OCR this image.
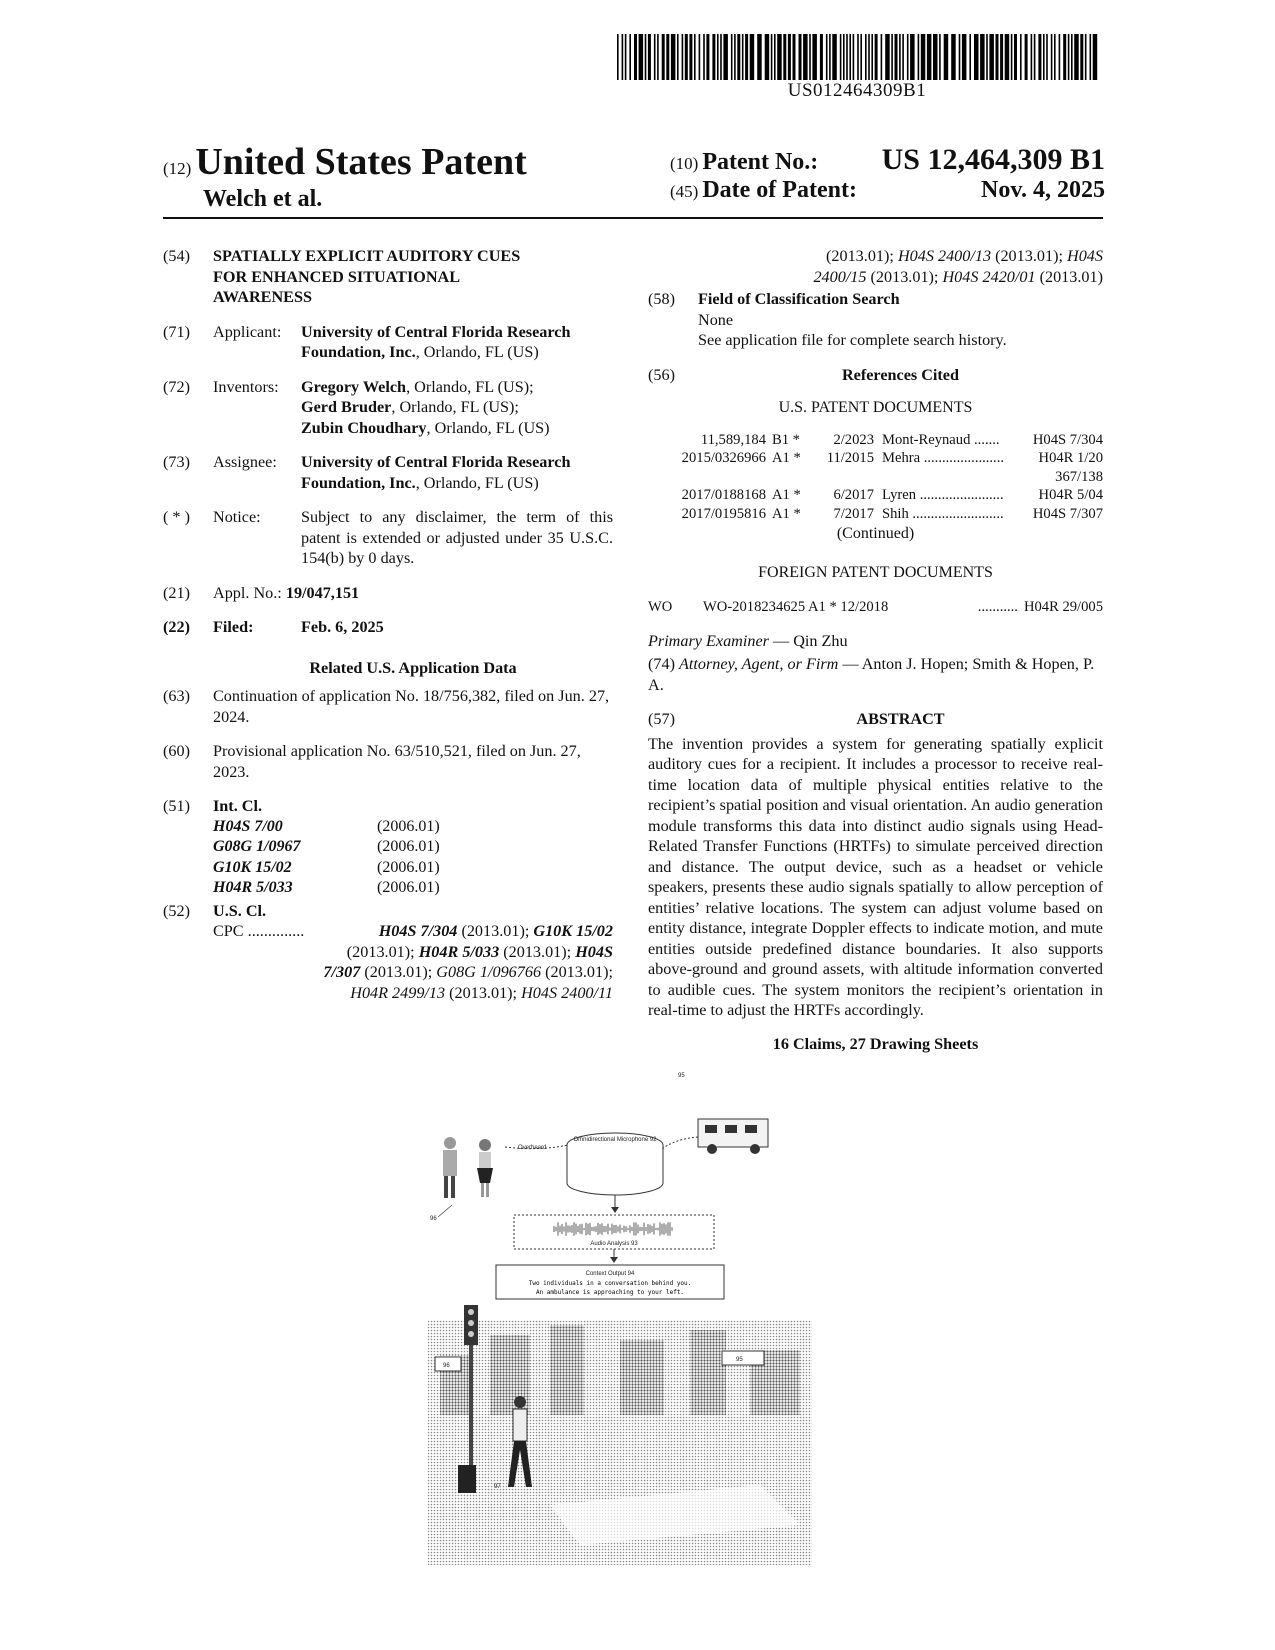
US012464309B1
(12) United States Patent
Welch et al.
(10) Patent No.: US 12,464,309 B1
(45) Date of Patent:	Nov. 4, 2025
(54)	SPATIALLY EXPLICIT AUDITORY CUES FOR ENHANCED SITUATIONAL AWARENESS
(71)	Applicant:	University of Central Florida Research Foundation, Inc., Orlando, FL (US)
(72)	Inventors:	Gregory Welch, Orlando, FL (US);
Gerd Bruder, Orlando, FL (US);
Zubin Choudhary, Orlando, FL (US)
(73)	Assignee:	University of Central Florida Research Foundation, Inc., Orlando, FL (US)
( * )	Notice:	Subject to any disclaimer, the term of this patent is extended or adjusted under 35 U.S.C. 154(b) by 0 days.
(21)	Appl. No.:
19/047,151
(22)	Filed:	Feb. 6, 2025
Related U.S. Application Data
(63)	Continuation of application No. 18/756,382, filed on Jun. 27, 2024.
(60)	Provisional application No. 63/510,521, filed on Jun. 27, 2023.
(51)	Int. Cl.
H04S 7/00	(2006.01)
G08G 1/0967	(2006.01)
G10K 15/02	(2006.01)
H04R 5/033	(2006.01)
(52)	U.S. Cl.

CPC ..............	H04S 7/304 (2013.01); G10K 15/02
(2013.01); H04R 5/033 (2013.01); H04S
7/307 (2013.01); G08G 1/096766 (2013.01);
H04R 2499/13 (2013.01); H04S 2400/11
(2013.01); H04S 2400/13 (2013.01); H04S
2400/15 (2013.01); H04S 2420/01 (2013.01)
(58)	Field of Classification Search
None
See application file for complete search history.
(56)	References Cited
U.S. PATENT DOCUMENTS
11,589,184	B1 *	2/2023	Mont-Reynaud .......	H04S 7/304
2015/0326966	A1 *	11/2015	Mehra ......................	H04R 1/20
				367/138
2017/0188168	A1 *	6/2017	Lyren .......................	H04R 5/04
2017/0195816	A1 *	7/2017	Shih .........................	H04S 7/307
(Continued)
FOREIGN PATENT DOCUMENTS
WO	WO-2018234625 A1 * 12/2018	........... H04R 29/005
Primary Examiner — Qin Zhu
(74) Attorney, Agent, or Firm — Anton J. Hopen; Smith & Hopen, P. A.
(57)	ABSTRACT
The invention provides a system for generating spatially explicit auditory cues for a recipient. It includes a processor to receive real-time location data of multiple physical entities relative to the recipient’s spatial position and visual orientation. An audio generation module transforms this data into distinct audio signals using Head-Related Transfer Functions (HRTFs) to simulate perceived direction and distance. The output device, such as a headset or vehicle speakers, presents these audio signals spatially to allow perception of entities’ relative locations. The system can adjust volume based on entity distance, integrate Doppler effects to indicate motion, and mute entities outside predefined distance boundaries. It also supports above-ground and ground assets, with altitude information converted to audible cues. The system monitors the recipient’s orientation in real-time to adjust the HRTFs accordingly.
16 Claims, 27 Drawing Sheets
Overheard
96
Omnidirectional Microphone 92
95
Audio Analysis 93
Context Output 94
Two individuals in a conversation behind you.
An ambulance is approaching to your left.
96
95
97
